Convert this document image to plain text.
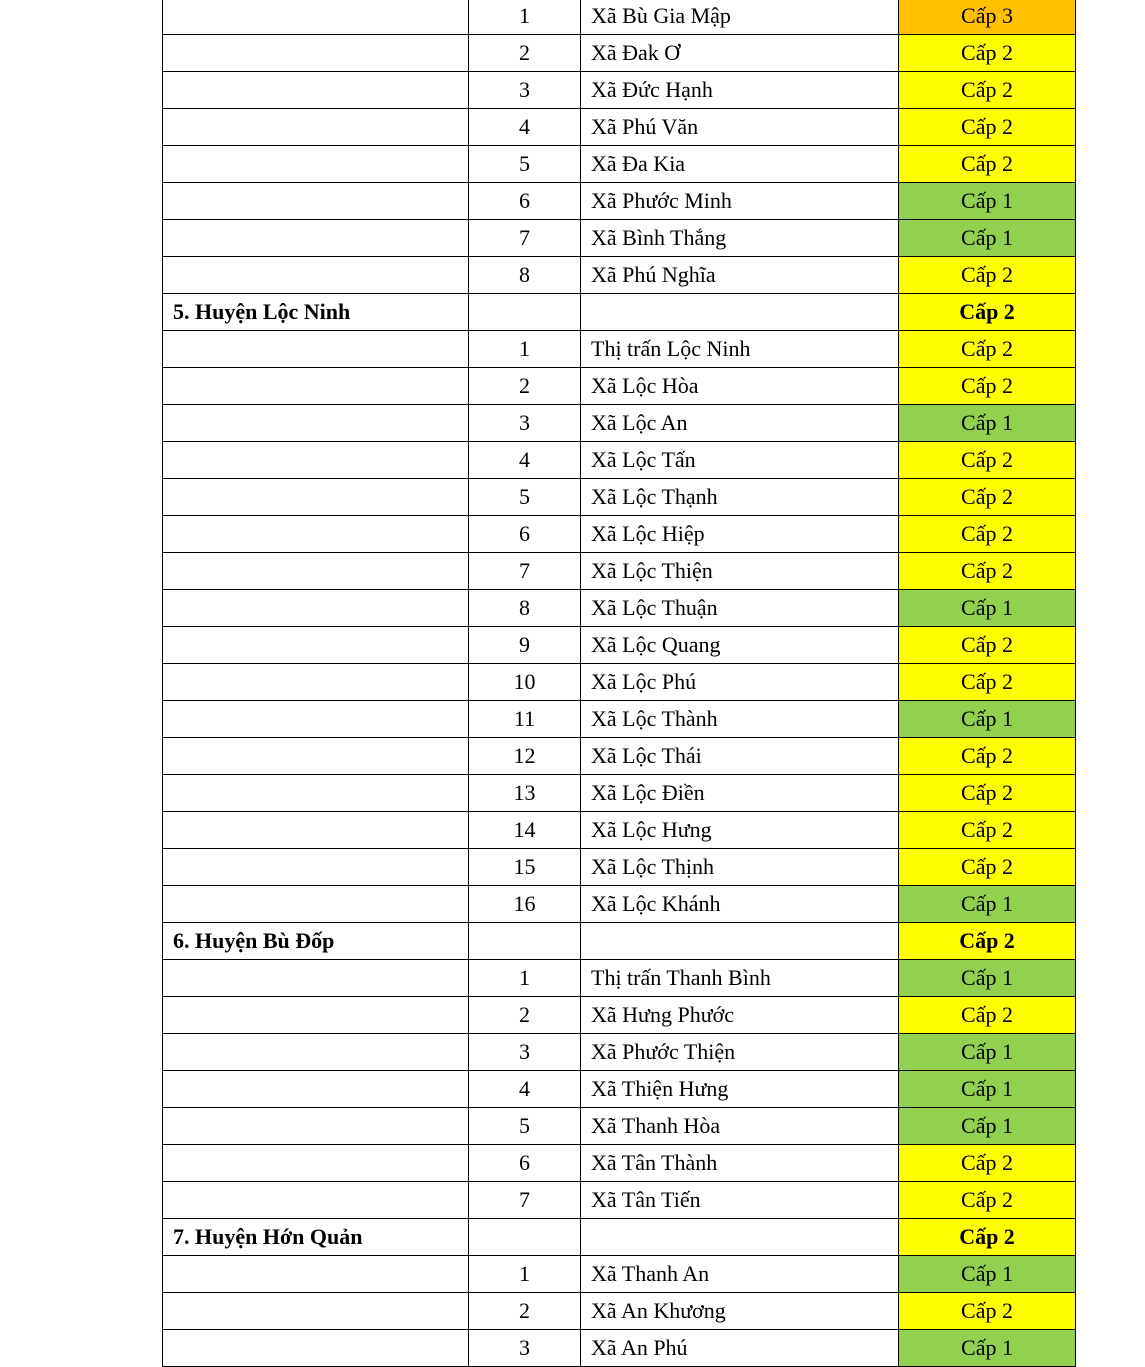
	1	Xã Bù Gia Mập	Cấp 3
	2	Xã Đak Ơ	Cấp 2
	3	Xã Đức Hạnh	Cấp 2
	4	Xã Phú Văn	Cấp 2
	5	Xã Đa Kia	Cấp 2
	6	Xã Phước Minh	Cấp 1
	7	Xã Bình Thắng	Cấp 1
	8	Xã Phú Nghĩa	Cấp 2
5. Huyện Lộc Ninh			Cấp 2
	1	Thị trấn Lộc Ninh	Cấp 2
	2	Xã Lộc Hòa	Cấp 2
	3	Xã Lộc An	Cấp 1
	4	Xã Lộc Tấn	Cấp 2
	5	Xã Lộc Thạnh	Cấp 2
	6	Xã Lộc Hiệp	Cấp 2
	7	Xã Lộc Thiện	Cấp 2
	8	Xã Lộc Thuận	Cấp 1
	9	Xã Lộc Quang	Cấp 2
	10	Xã Lộc Phú	Cấp 2
	11	Xã Lộc Thành	Cấp 1
	12	Xã Lộc Thái	Cấp 2
	13	Xã Lộc Điền	Cấp 2
	14	Xã Lộc Hưng	Cấp 2
	15	Xã Lộc Thịnh	Cấp 2
	16	Xã Lộc Khánh	Cấp 1
6. Huyện Bù Đốp			Cấp 2
	1	Thị trấn Thanh Bình	Cấp 1
	2	Xã Hưng Phước	Cấp 2
	3	Xã Phước Thiện	Cấp 1
	4	Xã Thiện Hưng	Cấp 1
	5	Xã Thanh Hòa	Cấp 1
	6	Xã Tân Thành	Cấp 2
	7	Xã Tân Tiến	Cấp 2
7. Huyện Hớn Quản			Cấp 2
	1	Xã Thanh An	Cấp 1
	2	Xã An Khương	Cấp 2
	3	Xã An Phú	Cấp 1
